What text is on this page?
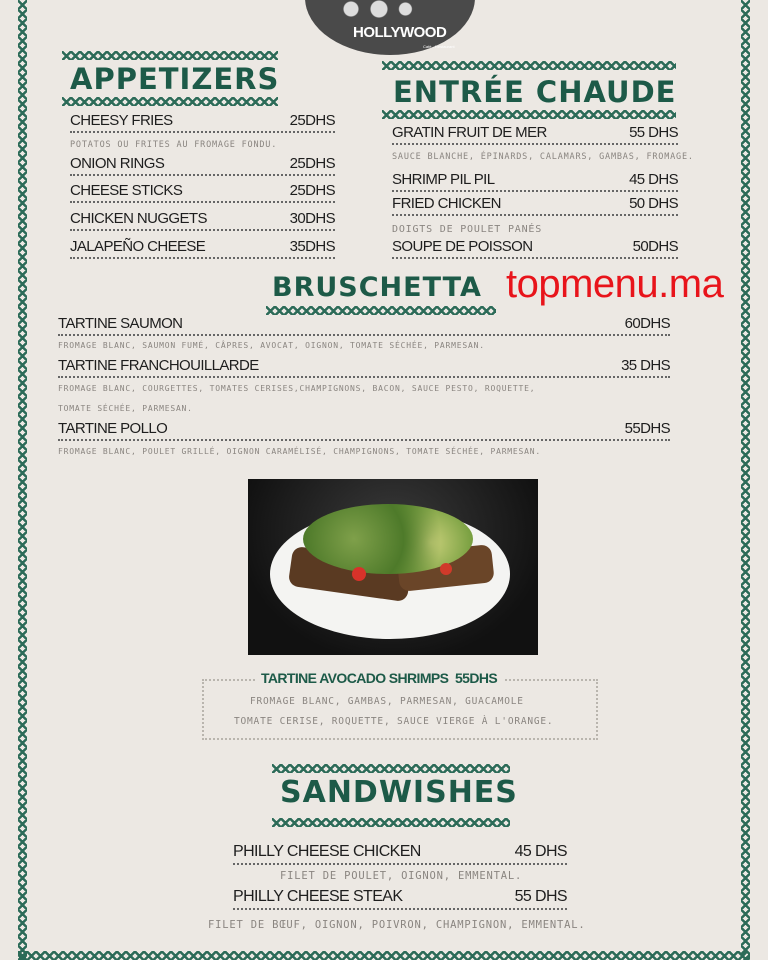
HOLLYWOOD
Café - Restaurant
APPETIZERS
CHEESY FRIES	25DHS
POTATOS OU FRITES AU FROMAGE FONDU.
ONION RINGS	25DHS
CHEESE STICKS	25DHS
CHICKEN NUGGETS	30DHS
JALAPEÑO CHEESE	35DHS
ENTRÉE CHAUDE
GRATIN FRUIT DE MER	55 DHS
SAUCE BLANCHE, ÉPINARDS, CALAMARS, GAMBAS, FROMAGE.
SHRIMP PIL PIL	45 DHS
FRIED CHICKEN	50 DHS
DOIGTS DE POULET PANÉS
SOUPE DE POISSON	50DHS
BRUSCHETTA
TARTINE SAUMON	60DHS
FROMAGE BLANC, SAUMON FUMÉ, CÂPRES, AVOCAT, OIGNON, TOMATE SÉCHÉE, PARMESAN.
TARTINE FRANCHOUILLARDE	35 DHS
FROMAGE BLANC, COURGETTES, TOMATES CERISES,CHAMPIGNONS, BACON, SAUCE PESTO, ROQUETTE,
TOMATE SÉCHÉE, PARMESAN.
TARTINE POLLO	55DHS
FROMAGE BLANC, POULET GRILLÉ, OIGNON CARAMÉLISÉ, CHAMPIGNONS, TOMATE SÉCHÉE, PARMESAN.
TARTINE AVOCADO SHRIMPS 55DHS
FROMAGE BLANC, GAMBAS, PARMESAN, GUACAMOLE
TOMATE CERISE, ROQUETTE, SAUCE VIERGE À L'ORANGE.
SANDWISHES
PHILLY CHEESE CHICKEN	45 DHS
FILET DE POULET, OIGNON, EMMENTAL.
PHILLY CHEESE STEAK	55 DHS
FILET DE BŒUF, OIGNON, POIVRON, CHAMPIGNON, EMMENTAL.
topmenu.ma
